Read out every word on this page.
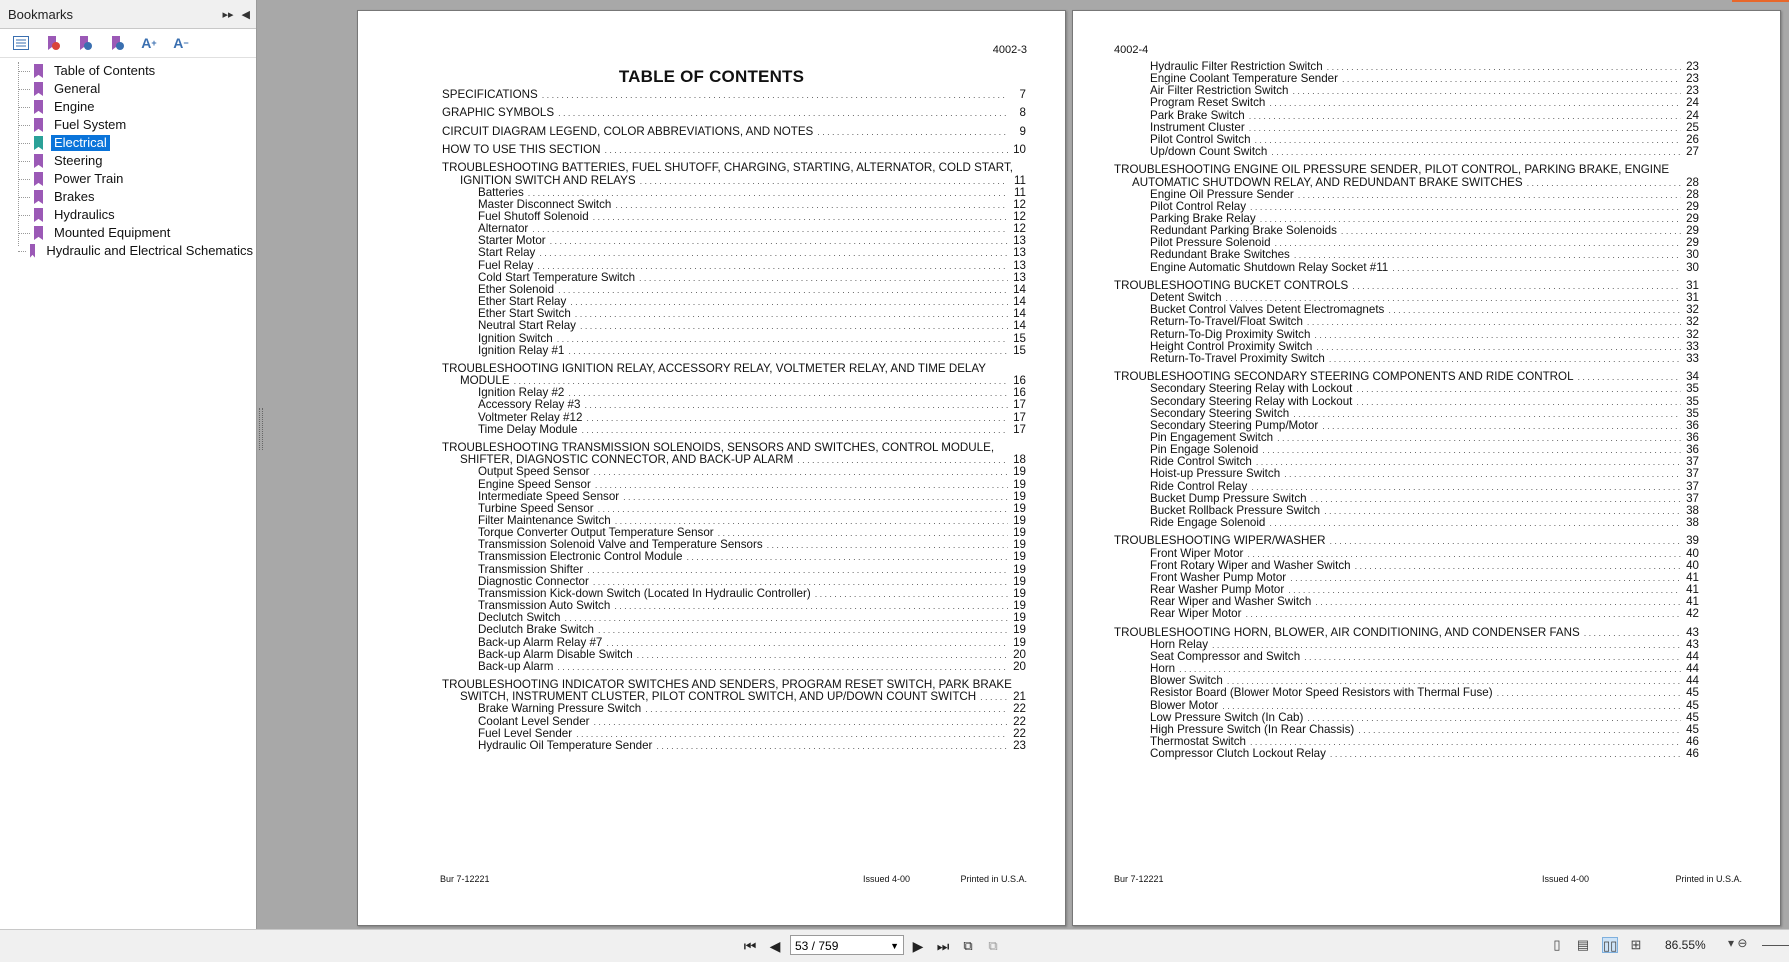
Bookmarks	▸▸ ◀
A + A −
Table of Contents
General
Engine
Fuel System
Electrical
Steering
Power Train
Brakes
Hydraulics
Mounted Equipment
Hydraulic and Electrical Schematics
4002-3
TABLE OF CONTENTS
Bur 7-12221	Issued 4-00	Printed in U.S.A.
SPECIFICATIONS .....	7
GRAPHIC SYMBOLS .....	8
CIRCUIT DIAGRAM LEGEND, COLOR ABBREVIATIONS, AND NOTES .....	9
HOW TO USE THIS SECTION .....	10
TROUBLESHOOTING BATTERIES, FUEL SHUTOFF, CHARGING, STARTING, ALTERNATOR, COLD START,
IGNITION SWITCH AND RELAYS .....	11
Batteries .....	11
Master Disconnect Switch .....	12
Fuel Shutoff Solenoid .....	12
Alternator .....	12
Starter Motor .....	13
Start Relay .....	13
Fuel Relay .....	13
Cold Start Temperature Switch .....	13
Ether Solenoid .....	14
Ether Start Relay .....	14
Ether Start Switch .....	14
Neutral Start Relay .....	14
Ignition Switch .....	15
Ignition Relay #1 .....	15
TROUBLESHOOTING IGNITION RELAY, ACCESSORY RELAY, VOLTMETER RELAY, AND TIME DELAY
MODULE .....	16
Ignition Relay #2 .....	16
Accessory Relay #3 .....	17
Voltmeter Relay #12 .....	17
Time Delay Module .....	17
TROUBLESHOOTING TRANSMISSION SOLENOIDS, SENSORS AND SWITCHES, CONTROL MODULE,
SHIFTER, DIAGNOSTIC CONNECTOR, AND BACK-UP ALARM .....	18
Output Speed Sensor .....	19
Engine Speed Sensor .....	19
Intermediate Speed Sensor .....	19
Turbine Speed Sensor .....	19
Filter Maintenance Switch .....	19
Torque Converter Output Temperature Sensor .....	19
Transmission Solenoid Valve and Temperature Sensors .....	19
Transmission Electronic Control Module .....	19
Transmission Shifter .....	19
Diagnostic Connector .....	19
Transmission Kick-down Switch (Located In Hydraulic Controller) .....	19
Transmission Auto Switch .....	19
Declutch Switch .....	19
Declutch Brake Switch .....	19
Back-up Alarm Relay #7 .....	19
Back-up Alarm Disable Switch .....	20
Back-up Alarm .....	20
TROUBLESHOOTING INDICATOR SWITCHES AND SENDERS, PROGRAM RESET SWITCH, PARK BRAKE
SWITCH, INSTRUMENT CLUSTER, PILOT CONTROL SWITCH, AND UP/DOWN COUNT SWITCH .....	21
Brake Warning Pressure Switch .....	22
Coolant Level Sender .....	22
Fuel Level Sender .....	22
Hydraulic Oil Temperature Sender .....	23
4002-4
Bur 7-12221	Issued 4-00	Printed in U.S.A.
Hydraulic Filter Restriction Switch .....	23
Engine Coolant Temperature Sender .....	23
Air Filter Restriction Switch .....	23
Program Reset Switch .....	24
Park Brake Switch .....	24
Instrument Cluster .....	25
Pilot Control Switch .....	26
Up/down Count Switch .....	27
TROUBLESHOOTING ENGINE OIL PRESSURE SENDER, PILOT CONTROL, PARKING BRAKE, ENGINE
AUTOMATIC SHUTDOWN RELAY, AND REDUNDANT BRAKE SWITCHES .....	28
Engine Oil Pressure Sender .....	28
Pilot Control Relay .....	29
Parking Brake Relay .....	29
Redundant Parking Brake Solenoids .....	29
Pilot Pressure Solenoid .....	29
Redundant Brake Switches .....	30
Engine Automatic Shutdown Relay Socket #11 .....	30
TROUBLESHOOTING BUCKET CONTROLS .....	31
Detent Switch .....	31
Bucket Control Valves Detent Electromagnets .....	32
Return-To-Travel/Float Switch .....	32
Return-To-Dig Proximity Switch .....	32
Height Control Proximity Switch .....	33
Return-To-Travel Proximity Switch .....	33
TROUBLESHOOTING SECONDARY STEERING COMPONENTS AND RIDE CONTROL .....	34
Secondary Steering Relay with Lockout .....	35
Secondary Steering Relay with Lockout .....	35
Secondary Steering Switch .....	35
Secondary Steering Pump/Motor .....	36
Pin Engagement Switch .....	36
Pin Engage Solenoid .....	36
Ride Control Switch .....	37
Hoist-up Pressure Switch .....	37
Ride Control Relay .....	37
Bucket Dump Pressure Switch .....	37
Bucket Rollback Pressure Switch .....	38
Ride Engage Solenoid .....	38
TROUBLESHOOTING WIPER/WASHER .....	39
Front Wiper Motor .....	40
Front Rotary Wiper and Washer Switch .....	40
Front Washer Pump Motor .....	41
Rear Washer Pump Motor .....	41
Rear Wiper and Washer Switch .....	41
Rear Wiper Motor .....	42
TROUBLESHOOTING HORN, BLOWER, AIR CONDITIONING, AND CONDENSER FANS .....	43
Horn Relay .....	43
Seat Compressor and Switch .....	44
Horn .....	44
Blower Switch .....	44
Resistor Board (Blower Motor Speed Resistors with Thermal Fuse) .....	45
Blower Motor .....	45
Low Pressure Switch (In Cab) .....	45
High Pressure Switch (In Rear Chassis) .....	45
Thermostat Switch .....	46
Compressor Clutch Lockout Relay .....	46
⏮ ◀	53 / 759	▼ ▶ ⏭ ⧉ ⧉	▯	▤ ▯▯ ⊞ 86.55% ▾ ⊖
